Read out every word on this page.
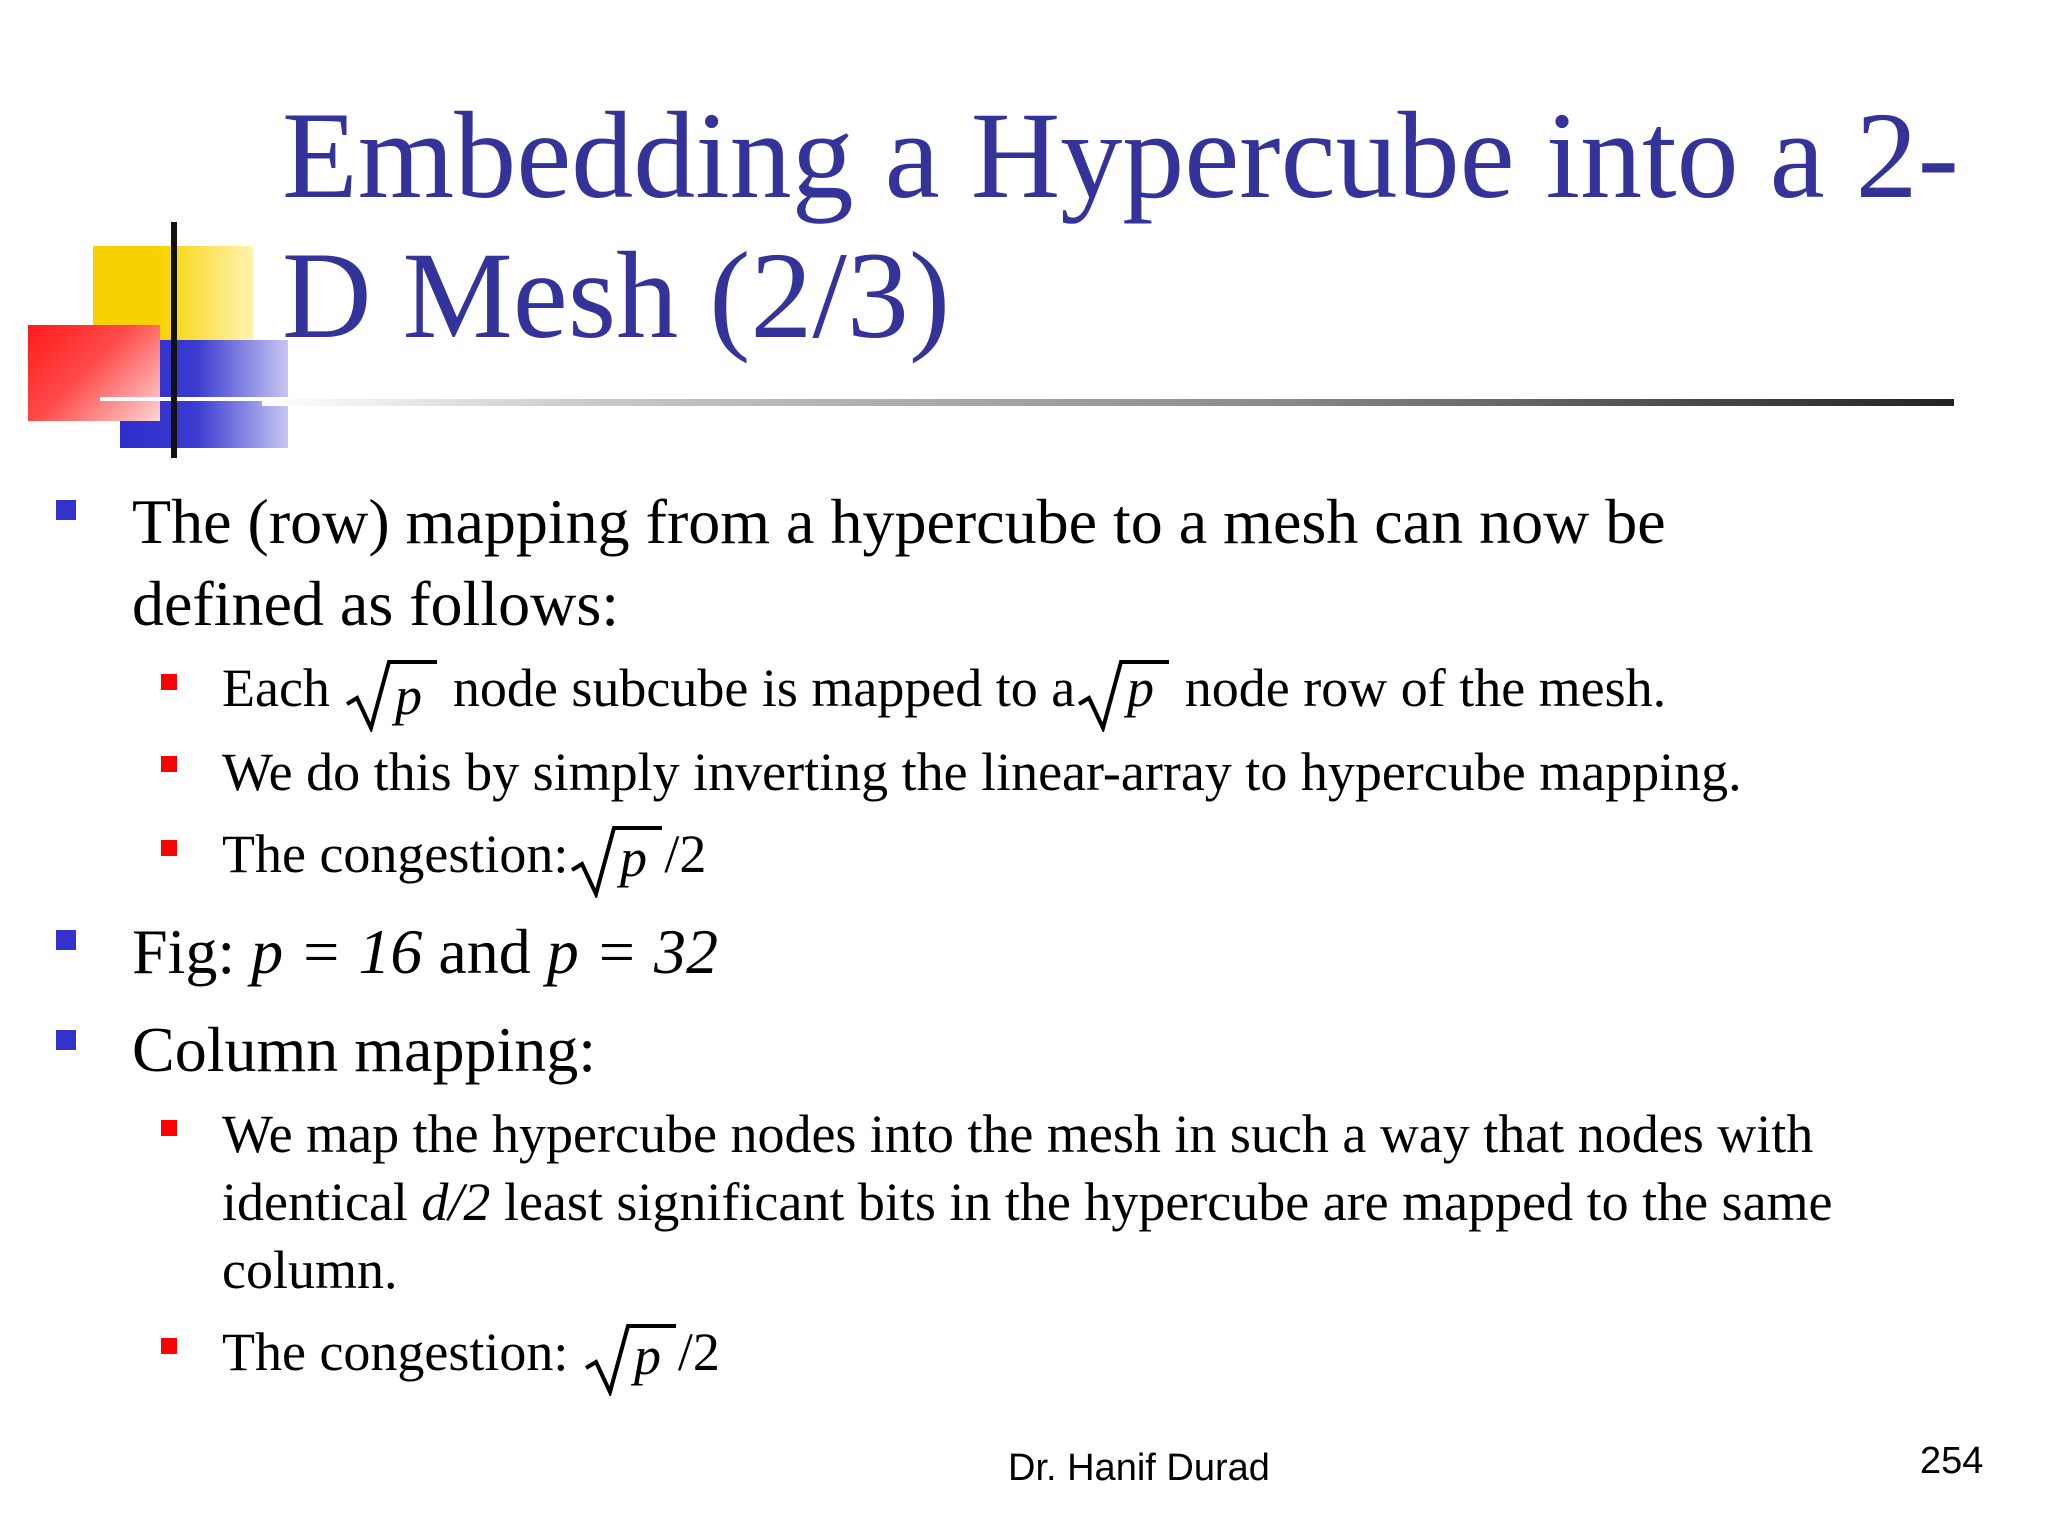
Embedding a Hypercube into a 2-
D Mesh (2/3)
The (row) mapping from a hypercube to a mesh can now be
defined as follows:
Each p node subcube is mapped to a p node row of the mesh.
We do this by simply inverting the linear-array to hypercube mapping.
The congestion: p /2
Fig: p = 16 and p = 32
Column mapping:
We map the hypercube nodes into the mesh in such a way that nodes with
identical d/2 least significant bits in the hypercube are mapped to the same
column.
The congestion: p /2
Dr. Hanif Durad	254
